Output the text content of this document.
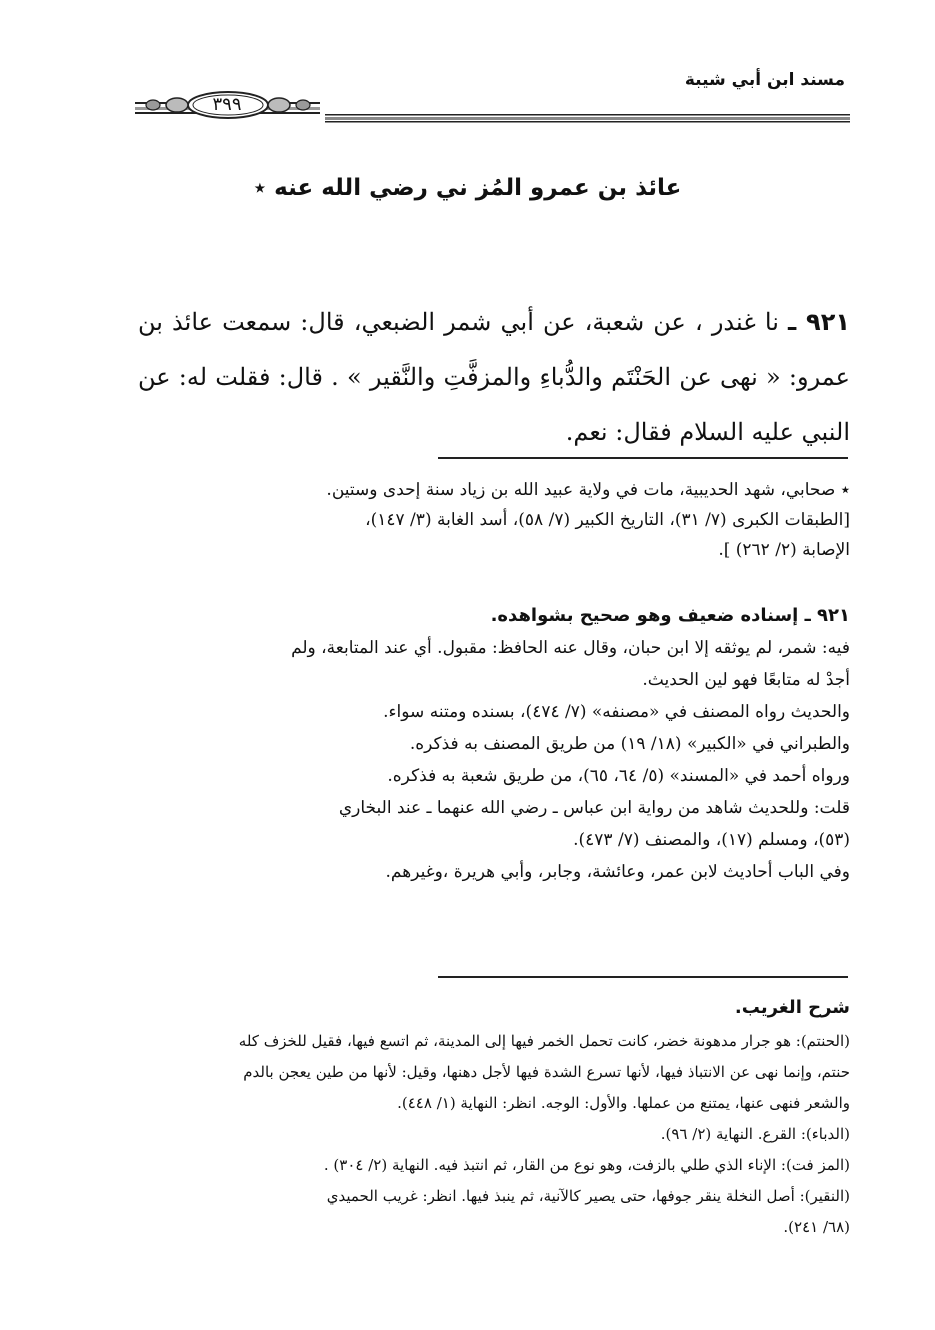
مسند ابن أبي شيبة
٣٩٩
عائذ بن عمرو المُز ني رضي الله عنه ٭
٩٢١ ـ نا غندر ، عن شعبة، عن أبي شمر الضبعي، قال: سمعت عائذ بن عمرو: « نهى عن الحَنْتَم والدُّباءِ والمزفَّتِ والنَّقير » . قال: فقلت له: عن النبي عليه السلام فقال: نعم.

٭ صحابي، شهد الحديبية، مات في ولاية عبيد الله بن زياد سنة إحدى وستين.

[الطبقات الكبرى (٧/ ٣١)، التاريخ الكبير (٧/ ٥٨)، أسد الغابة (٣/ ١٤٧)،

الإصابة (٢/ ٢٦٢) ].

٩٢١ ـ إسناده ضعيف وهو صحيح بشواهده.

فيه: شمر، لم يوثقه إلا ابن حبان، وقال عنه الحافظ: مقبول. أي عند المتابعة، ولم

أجدْ له متابعًا فهو لين الحديث.

والحديث رواه المصنف في «مصنفه» (٧/ ٤٧٤)، بسنده ومتنه سواء.

والطبراني في «الكبير» (١٨/ ١٩) من طريق المصنف به فذكره.

ورواه أحمد في «المسند» (٥/ ٦٤، ٦٥)، من طريق شعبة به فذكره.

قلت: وللحديث شاهد من رواية ابن عباس ـ رضي الله عنهما ـ عند البخاري

(٥٣)، ومسلم (١٧)، والمصنف (٧/ ٤٧٣).

وفي الباب أحاديث لابن عمر، وعائشة، وجابر، وأبي هريرة ،وغيرهم.

شرح الغريب.

(الحنتم): هو جرار مدهونة خضر، كانت تحمل الخمر فيها إلى المدينة، ثم اتسع فيها، فقيل للخزف كله

حنتم، وإنما نهى عن الانتباذ فيها، لأنها تسرع الشدة فيها لأجل دهنها، وقيل: لأنها من طين يعجن بالدم

والشعر فنهى عنها، يمتنع من عملها. والأول: الوجه. انظر: النهاية (١/ ٤٤٨).

(الدباء): القرع. النهاية (٢/ ٩٦).

(المز فت): الإناء الذي طلي بالزفت، وهو نوع من القار، ثم انتبذ فيه. النهاية (٢/ ٣٠٤) .

(النقير): أصل النخلة ينقر جوفها، حتى يصير كالآنية، ثم ينبذ فيها. انظر: غريب الحميدي

(٦٨/ ٢٤١).
